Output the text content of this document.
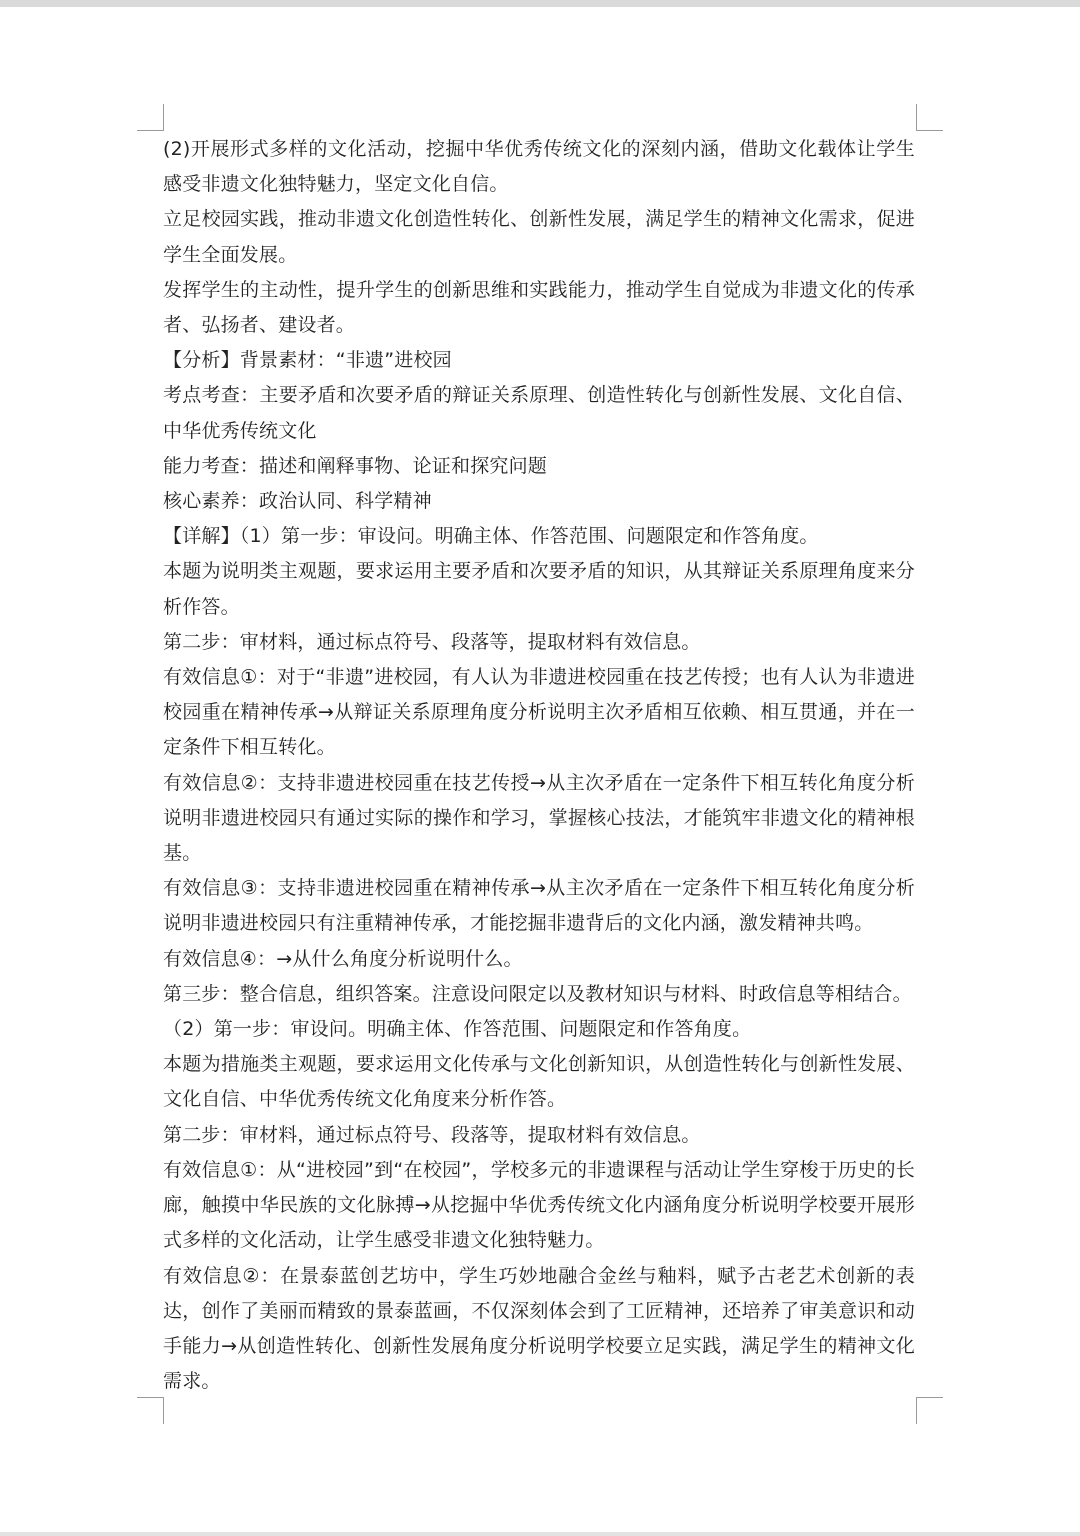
(2)开展形式多样的文化活动，挖掘中华优秀传统文化的深刻内涵，借助文化载体让学生感受非遗文化独特魅力，坚定文化自信。

立足校园实践，推动非遗文化创造性转化、创新性发展，满足学生的精神文化需求，促进学生全面发展。

发挥学生的主动性，提升学生的创新思维和实践能力，推动学生自觉成为非遗文化的传承者、弘扬者、建设者。

【分析】背景素材：“非遗”进校园

考点考查：主要矛盾和次要矛盾的辩证关系原理、创造性转化与创新性发展、文化自信、中华优秀传统文化

能力考查：描述和阐释事物、论证和探究问题

核心素养：政治认同、科学精神

【详解】（1）第一步：审设问。明确主体、作答范围、问题限定和作答角度。

本题为说明类主观题，要求运用主要矛盾和次要矛盾的知识，从其辩证关系原理角度来分析作答。

第二步：审材料，通过标点符号、段落等，提取材料有效信息。

有效信息①：对于“非遗”进校园，有人认为非遗进校园重在技艺传授；也有人认为非遗进校园重在精神传承→从辩证关系原理角度分析说明主次矛盾相互依赖、相互贯通，并在一定条件下相互转化。

有效信息②：支持非遗进校园重在技艺传授→从主次矛盾在一定条件下相互转化角度分析说明非遗进校园只有通过实际的操作和学习，掌握核心技法，才能筑牢非遗文化的精神根基。

有效信息③：支持非遗进校园重在精神传承→从主次矛盾在一定条件下相互转化角度分析说明非遗进校园只有注重精神传承，才能挖掘非遗背后的文化内涵，激发精神共鸣。

有效信息④：→从什么角度分析说明什么。

第三步：整合信息，组织答案。注意设问限定以及教材知识与材料、时政信息等相结合。

（2）第一步：审设问。明确主体、作答范围、问题限定和作答角度。

本题为措施类主观题，要求运用文化传承与文化创新知识，从创造性转化与创新性发展、文化自信、中华优秀传统文化角度来分析作答。

第二步：审材料，通过标点符号、段落等，提取材料有效信息。

有效信息①：从“进校园”到“在校园”，学校多元的非遗课程与活动让学生穿梭于历史的长廊，触摸中华民族的文化脉搏→从挖掘中华优秀传统文化内涵角度分析说明学校要开展形式多样的文化活动，让学生感受非遗文化独特魅力。

有效信息②：在景泰蓝创艺坊中，学生巧妙地融合金丝与釉料，赋予古老艺术创新的表达，创作了美丽而精致的景泰蓝画，不仅深刻体会到了工匠精神，还培养了审美意识和动手能力→从创造性转化、创新性发展角度分析说明学校要立足实践，满足学生的精神文化需求。
